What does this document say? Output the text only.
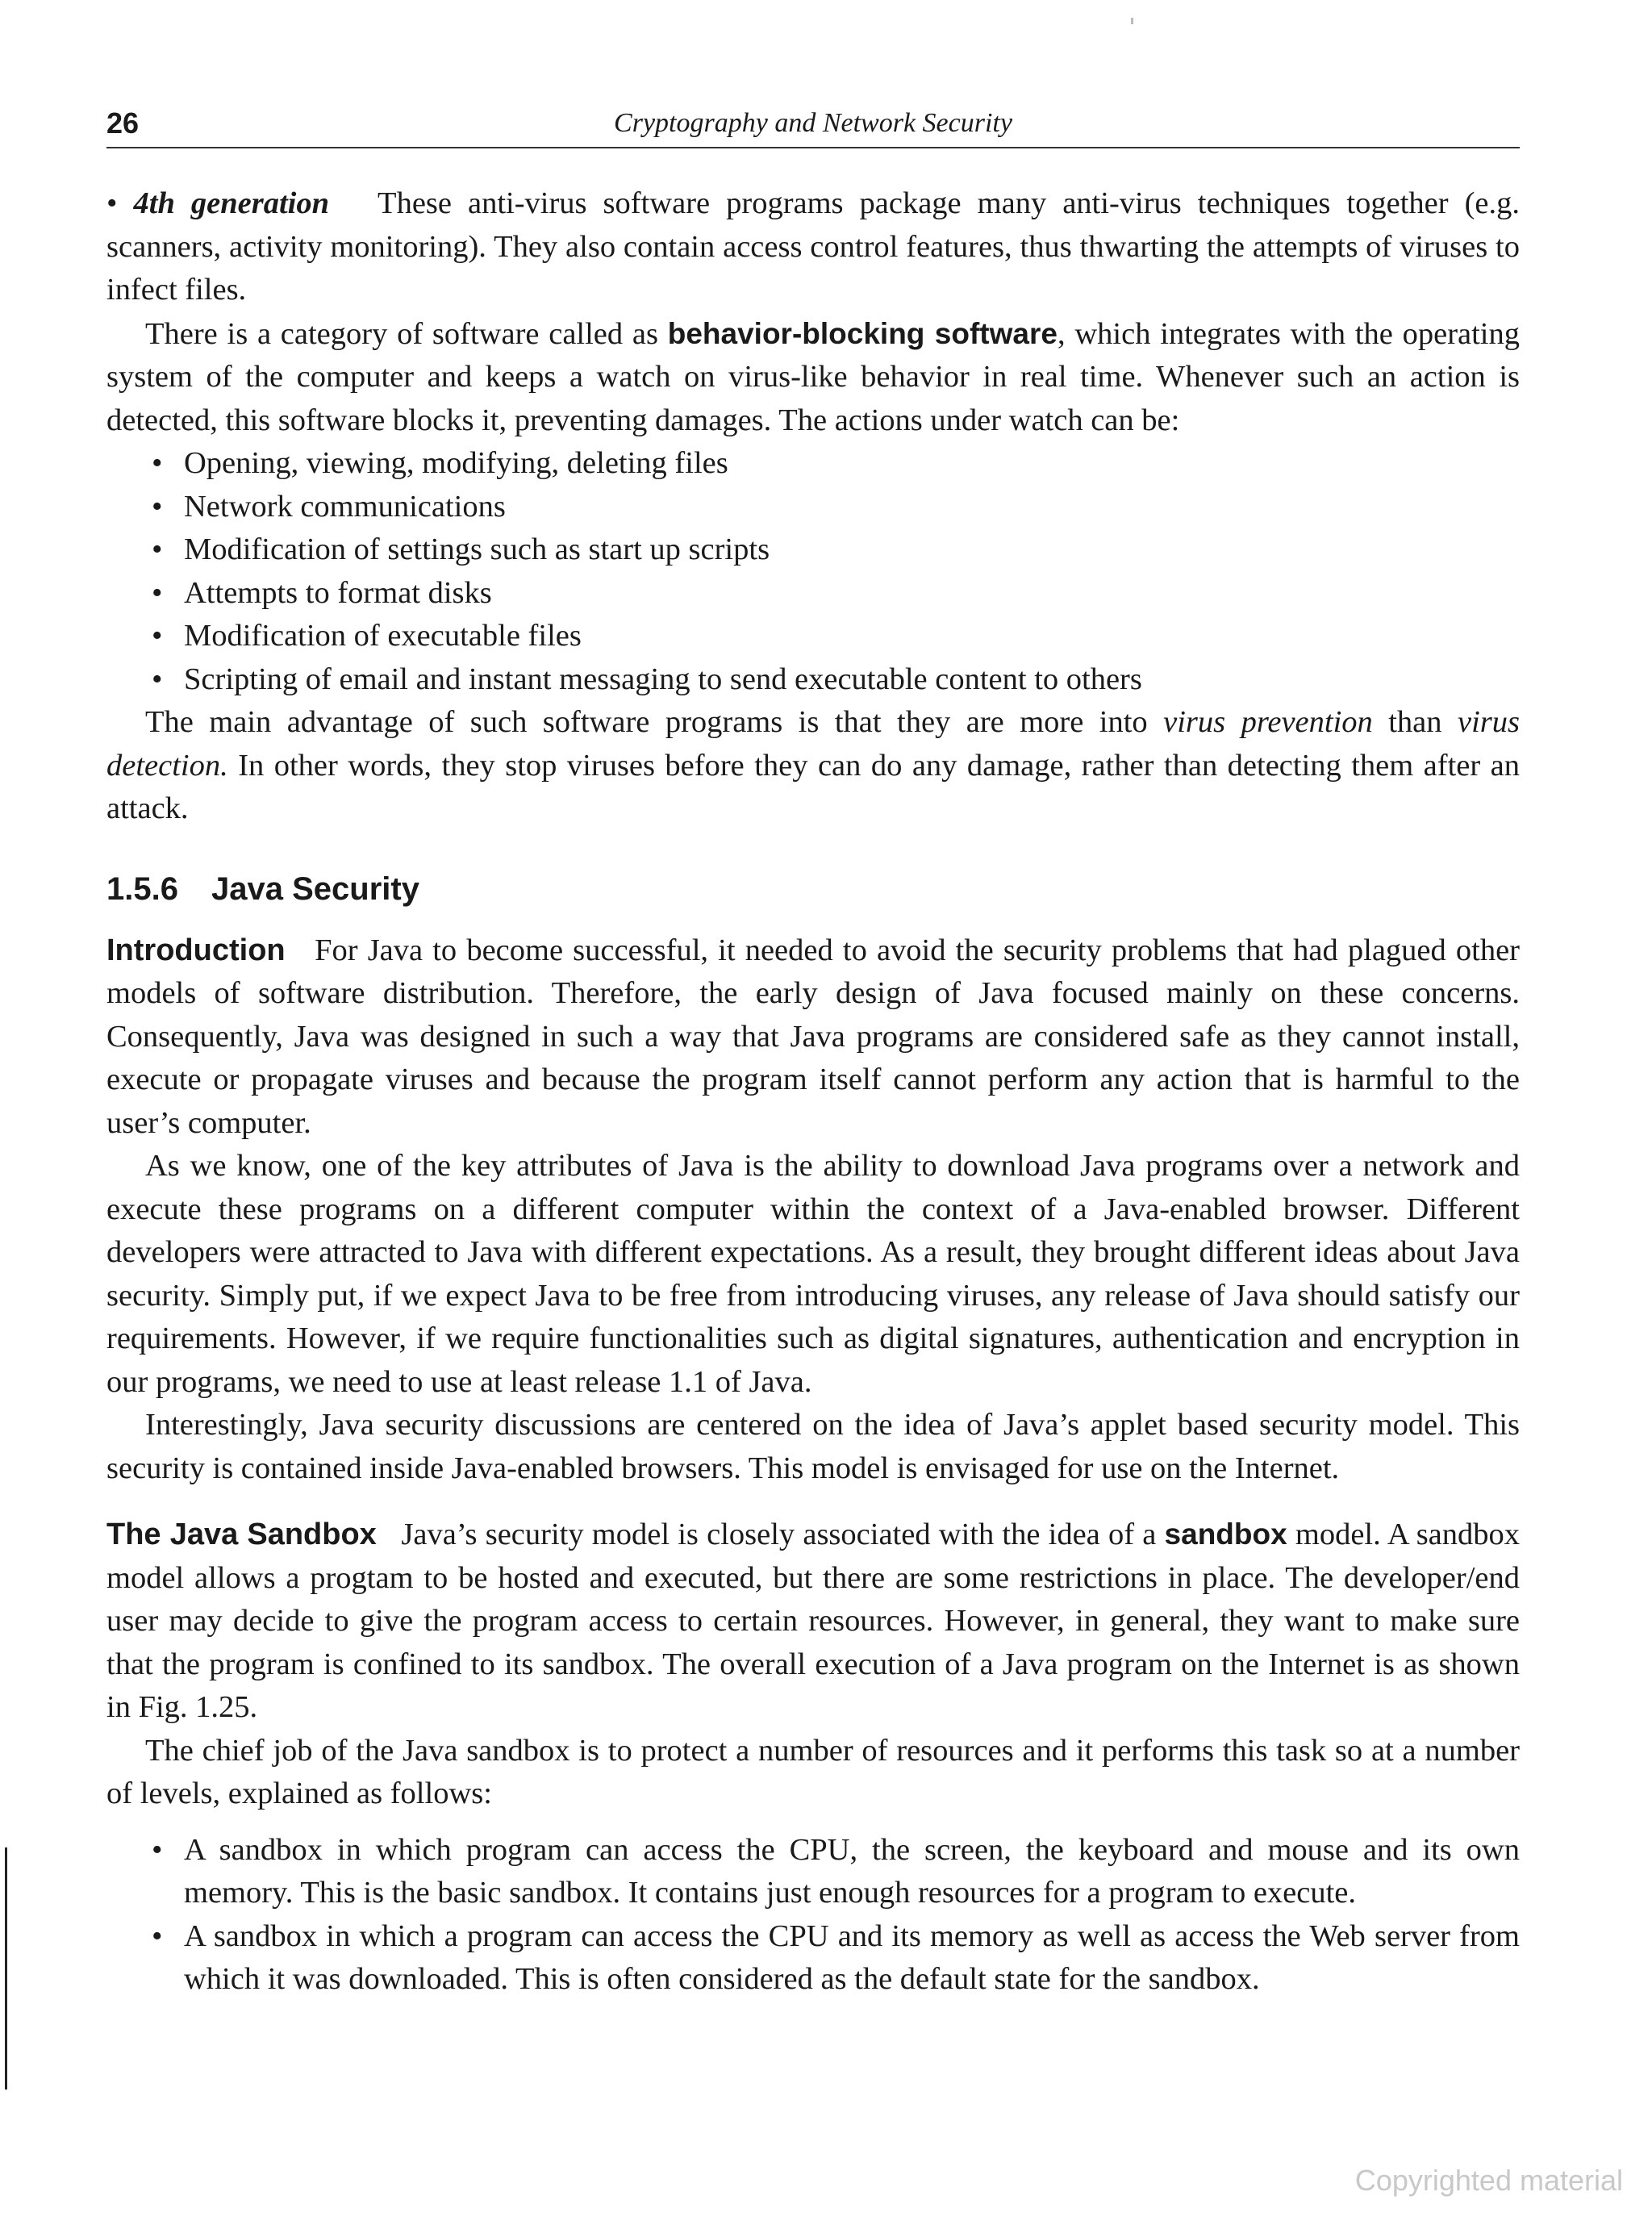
26	Cryptography and Network Security

• 4th generation These anti-virus software programs package many anti-virus techniques together (e.g. scanners, activity monitoring). They also contain access control features, thus thwarting the attempts of viruses to infect files.

There is a category of software called as behavior-blocking software, which integrates with the operating system of the computer and keeps a watch on virus-like behavior in real time. Whenever such an action is detected, this software blocks it, preventing damages. The actions under watch can be:

• Opening, viewing, modifying, deleting files
• Network communications
• Modification of settings such as start up scripts
• Attempts to format disks
• Modification of executable files
• Scripting of email and instant messaging to send executable content to others

The main advantage of such software programs is that they are more into virus prevention than virus detection. In other words, they stop viruses before they can do any damage, rather than detecting them after an attack.

1.5.6 Java Security

Introduction For Java to become successful, it needed to avoid the security problems that had plagued other models of software distribution. Therefore, the early design of Java focused mainly on these concerns. Consequently, Java was designed in such a way that Java programs are considered safe as they cannot install, execute or propagate viruses and because the program itself cannot perform any action that is harmful to the user’s computer.

As we know, one of the key attributes of Java is the ability to download Java programs over a network and execute these programs on a different computer within the context of a Java-enabled browser. Different developers were attracted to Java with different expectations. As a result, they brought different ideas about Java security. Simply put, if we expect Java to be free from introducing viruses, any release of Java should satisfy our requirements. However, if we require functionalities such as digital signatures, authentication and encryption in our programs, we need to use at least release 1.1 of Java.

Interestingly, Java security discussions are centered on the idea of Java’s applet based security model. This security is contained inside Java-enabled browsers. This model is envisaged for use on the Internet.

The Java Sandbox Java’s security model is closely associated with the idea of a sandbox model. A sandbox model allows a progtam to be hosted and executed, but there are some restrictions in place. The developer/end user may decide to give the program access to certain resources. However, in general, they want to make sure that the program is confined to its sandbox. The overall execution of a Java program on the Internet is as shown in Fig. 1.25.

The chief job of the Java sandbox is to protect a number of resources and it performs this task so at a number of levels, explained as follows:

• A sandbox in which program can access the CPU, the screen, the keyboard and mouse and its own memory. This is the basic sandbox. It contains just enough resources for a program to execute.
• A sandbox in which a program can access the CPU and its memory as well as access the Web server from which it was downloaded. This is often considered as the default state for the sandbox.
Copyrighted material
